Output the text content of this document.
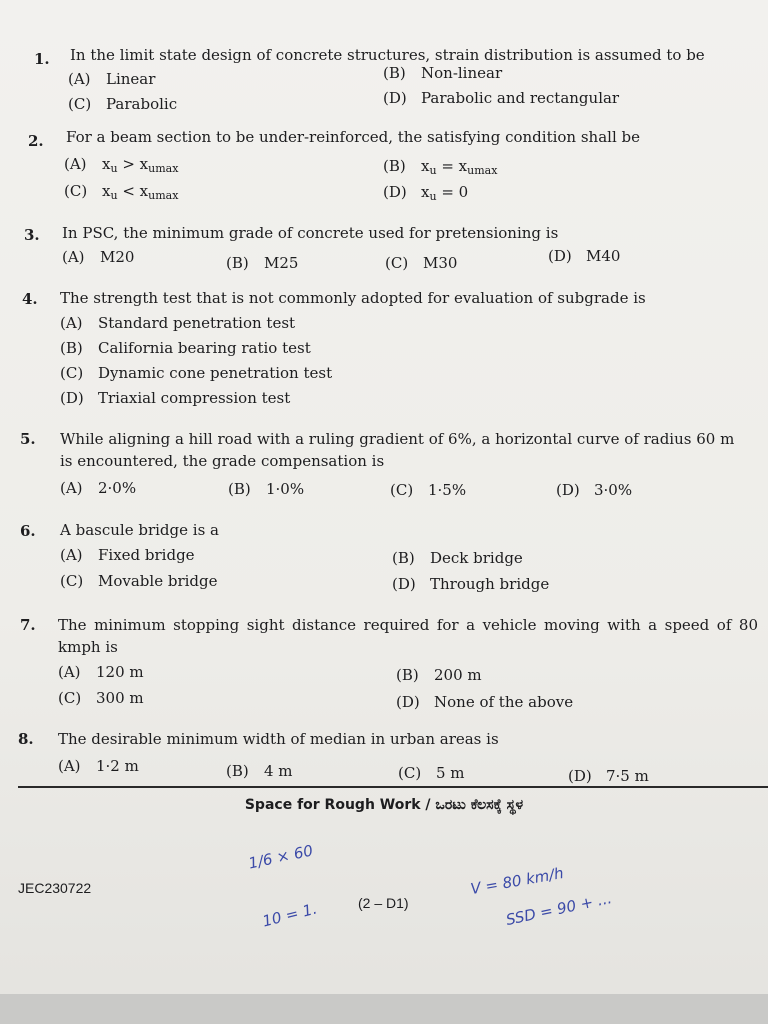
1. In the limit state design of concrete structures, strain distribution is assumed to be
(A) Linear	(B) Non-linear
(C) Parabolic	(D) Parabolic and rectangular
2. For a beam section to be under-reinforced, the satisfying condition shall be
(A) $x_u > x_{umax}$	(B) $x_u = x_{umax}$
(C) $x_u < x_{umax}$	(D) $x_u = 0$
3. In PSC, the minimum grade of concrete used for pretensioning is
(A) M20	(B) M25	(C) M30	(D) M40
4. The strength test that is not commonly adopted for evaluation of subgrade is
(A) Standard penetration test
(B) California bearing ratio test
(C) Dynamic cone penetration test
(D) Triaxial compression test
5. While aligning a hill road with a ruling gradient of 6%, a horizontal curve of radius 60 m is encountered, the grade compensation is
(A) 2·0%	(B) 1·0%	(C) 1·5%	(D) 3·0%
6. A bascule bridge is a
(A) Fixed bridge	(B) Deck bridge
(C) Movable bridge	(D) Through bridge
7. The minimum stopping sight distance required for a vehicle moving with a speed of 80 kmph is
(A) 120 m	(B) 200 m
(C) 300 m	(D) None of the above
8. The desirable minimum width of median in urban areas is
(A) 1·2 m	(B) 4 m	(C) 5 m	(D) 7·5 m
Space for Rough Work / ಒರಟು ಕೆಲಸಕ್ಕೆ ಸ್ಥಳ
JEC230722
(2 – D1)
1/6 × 60
10 = 1.
V = 80 km/h
SSD = 90 + ...
